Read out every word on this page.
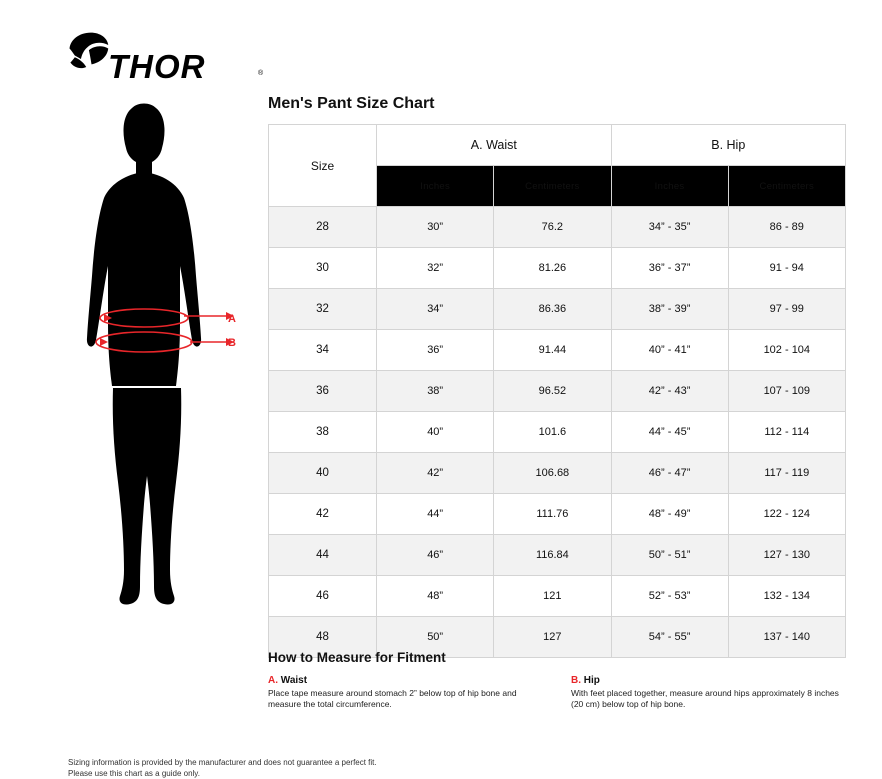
THOR	®
A
B
Men's Pant Size Chart
Size	A. Waist		B. Hip	
	Inches	Centimeters	Inches	Centimeters
28	30”	76.2	34” - 35”	86 - 89
30	32”	81.26	36” - 37”	91 - 94
32	34”	86.36	38” - 39”	97 - 99
34	36”	91.44	40” - 41”	102 - 104
36	38”	96.52	42” - 43”	107 - 109
38	40”	101.6	44” - 45”	112 - 114
40	42”	106.68	46” - 47”	117 - 119
42	44”	111.76	48” - 49”	122 - 124
44	46”	116.84	50” - 51”	127 - 130
46	48”	121	52” - 53”	132 - 134
48	50”	127	54” - 55”	137 - 140
How to Measure for Fitment
A. Waist
Place tape measure around stomach 2” below top of hip bone and measure the total circumference.
B. Hip
With feet placed together, measure around hips approximately 8 inches (20 cm) below top of hip bone.
Sizing information is provided by the manufacturer and does not guarantee a perfect fit.
Please use this chart as a guide only.
